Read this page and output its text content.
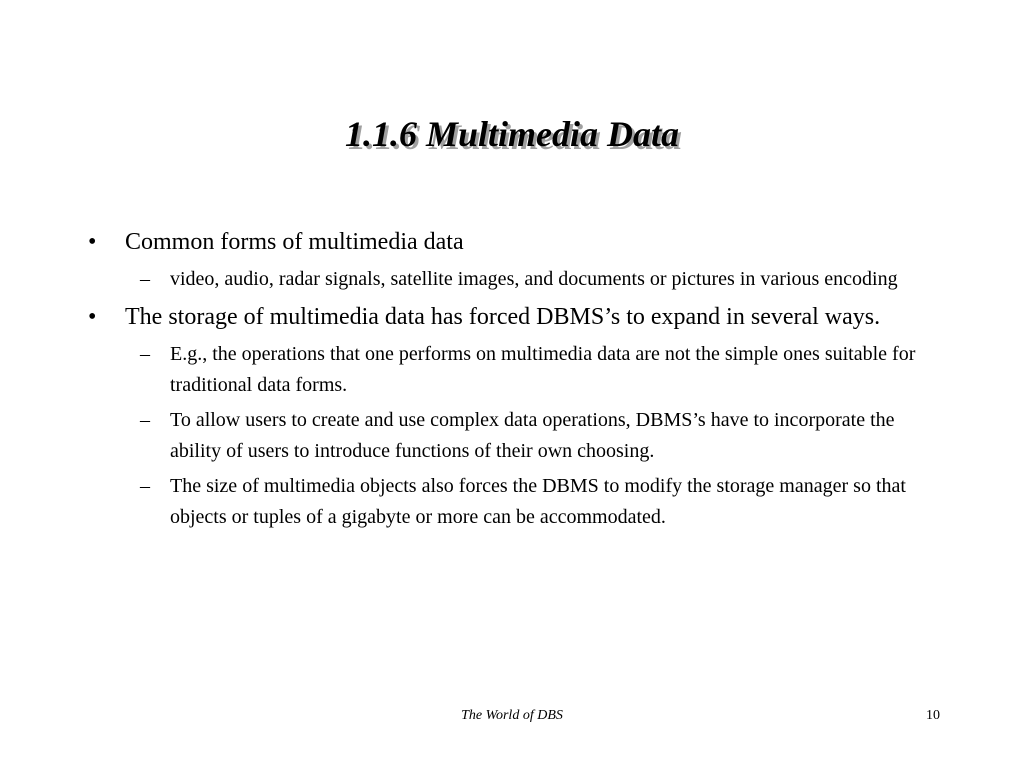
1.1.6 Multimedia Data
• Common forms of multimedia data
– video, audio, radar signals, satellite images, and documents or pictures in various encoding
• The storage of multimedia data has forced DBMS’s to expand in several ways.
– E.g., the operations that one performs on multimedia data are not the simple ones suitable for traditional data forms.
– To allow users to create and use complex data operations, DBMS’s have to incorporate the ability of users to introduce functions of their own choosing.
– The size of multimedia objects also forces the DBMS to modify the storage manager so that objects or tuples of a gigabyte or more can be accommodated.
The World of DBS	10
